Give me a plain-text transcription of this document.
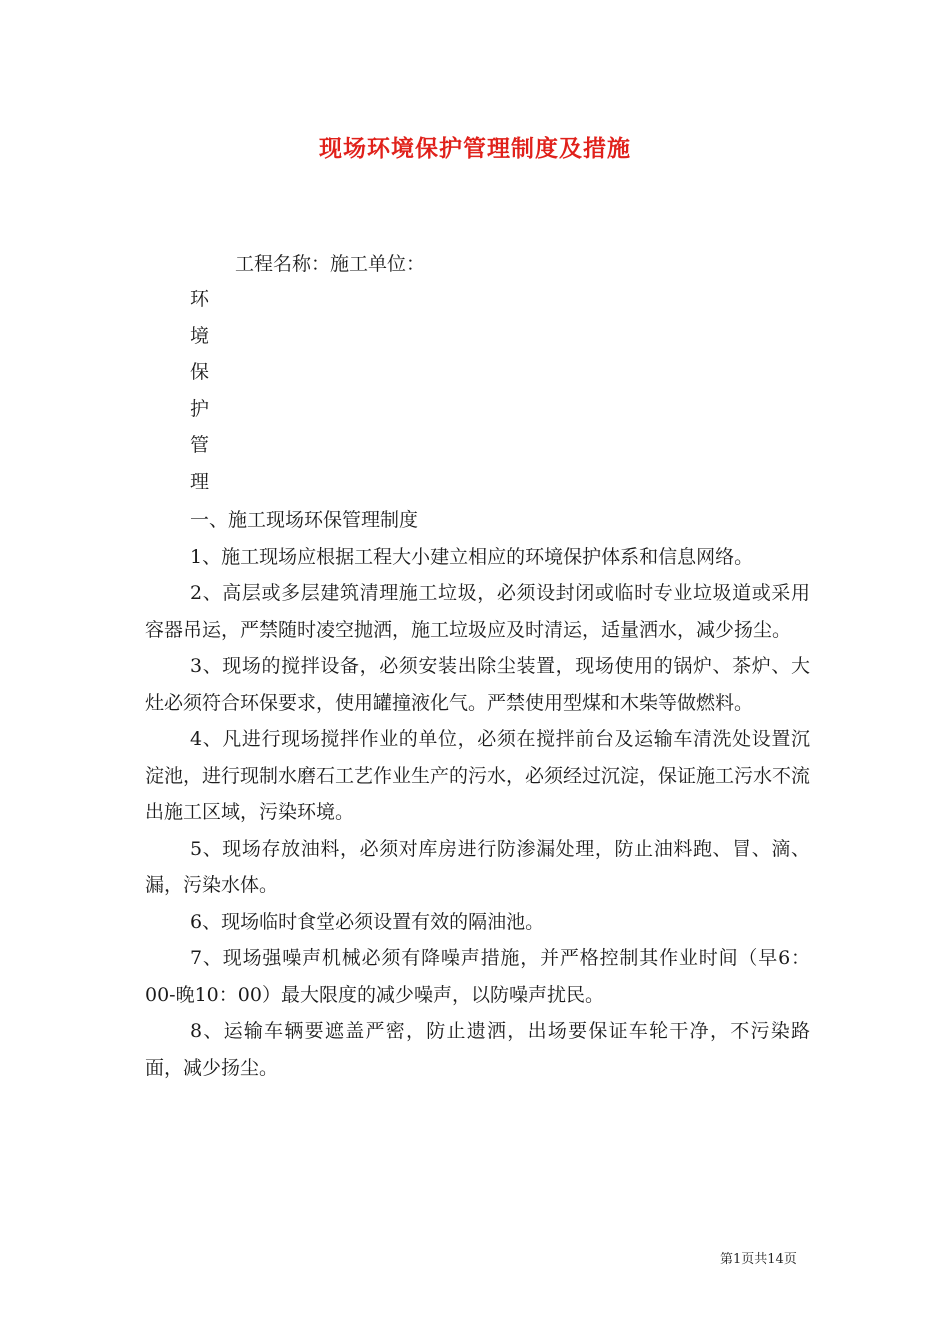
现场环境保护管理制度及措施
工程名称：施工单位：
环
境
保
护
管
理

一、施工现场环保管理制度

1、施工现场应根据工程大小建立相应的环境保护体系和信息网络。

2、高层或多层建筑清理施工垃圾，必须设封闭或临时专业垃圾道或采用容器吊运，严禁随时凌空抛洒，施工垃圾应及时清运，适量洒水，减少扬尘。

3、现场的搅拌设备，必须安装出除尘装置，现场使用的锅炉、茶炉、大灶必须符合环保要求，使用罐撞液化气。严禁使用型煤和木柴等做燃料。

4、凡进行现场搅拌作业的单位，必须在搅拌前台及运输车清洗处设置沉淀池，进行现制水磨石工艺作业生产的污水，必须经过沉淀，保证施工污水不流出施工区域，污染环境。

5、现场存放油料，必须对库房进行防渗漏处理，防止油料跑、冒、滴、漏，污染水体。

6、现场临时食堂必须设置有效的隔油池。

7、现场强噪声机械必须有降噪声措施，并严格控制其作业时间（早6：00-晚10：00）最大限度的减少噪声，以防噪声扰民。

8、运输车辆要遮盖严密，防止遗洒，出场要保证车轮干净，不污染路面，减少扬尘。

第1页共14页
